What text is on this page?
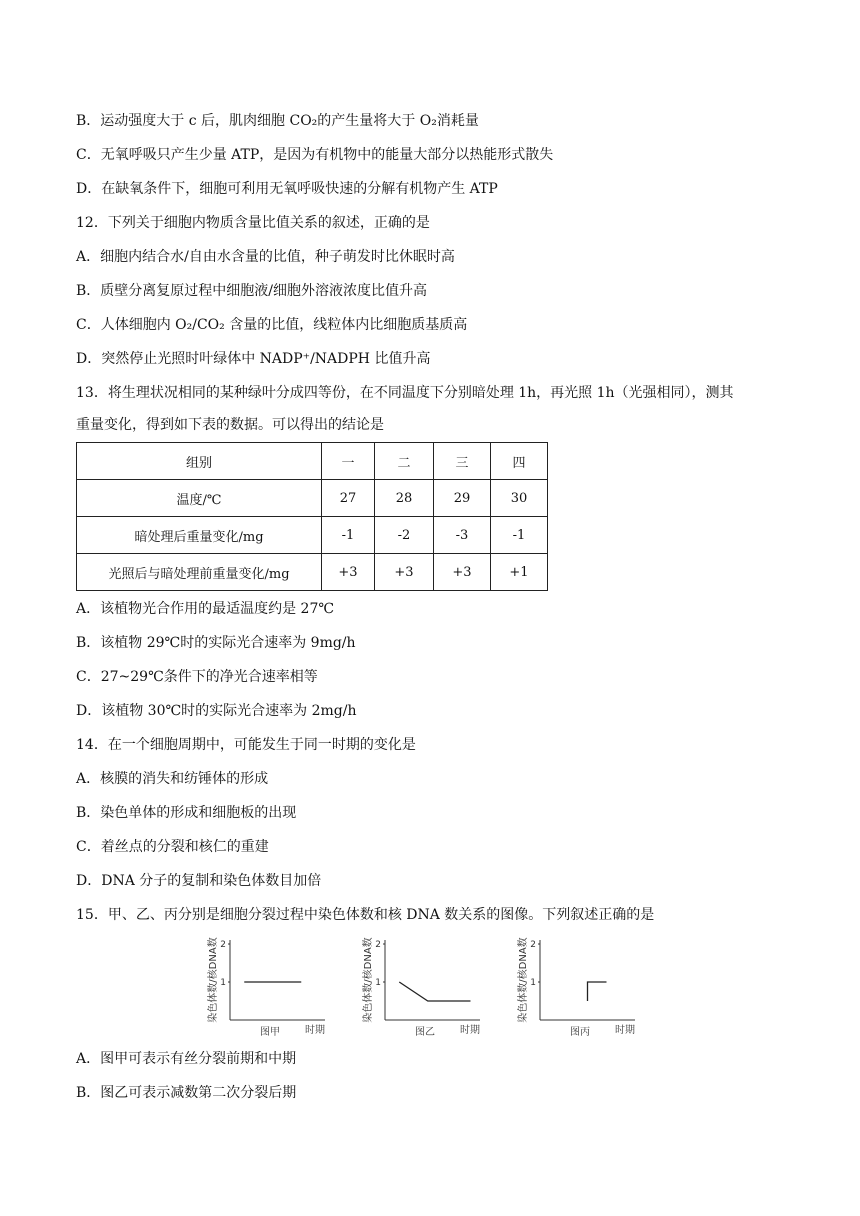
B．运动强度大于 c 后，肌肉细胞 CO₂的产生量将大于 O₂消耗量
C．无氧呼吸只产生少量 ATP，是因为有机物中的能量大部分以热能形式散失
D．在缺氧条件下，细胞可利用无氧呼吸快速的分解有机物产生 ATP
12．下列关于细胞内物质含量比值关系的叙述，正确的是
A．细胞内结合水/自由水含量的比值，种子萌发时比休眠时高
B．质壁分离复原过程中细胞液/细胞外溶液浓度比值升高
C．人体细胞内 O₂/CO₂ 含量的比值，线粒体内比细胞质基质高
D．突然停止光照时叶绿体中 NADP⁺/NADPH 比值升高
13．将生理状况相同的某种绿叶分成四等份，在不同温度下分别暗处理 1h，再光照 1h（光强相同），测其
重量变化，得到如下表的数据。可以得出的结论是
组别	一	二	三	四
温度/℃	27	28	29	30
暗处理后重量变化/mg	-1	-2	-3	-1
光照后与暗处理前重量变化/mg	+3	+3	+3	+1
A．该植物光合作用的最适温度约是 27℃
B．该植物 29℃时的实际光合速率为 9mg/h
C．27~29℃条件下的净光合速率相等
D．该植物 30℃时的实际光合速率为 2mg/h
14．在一个细胞周期中，可能发生于同一时期的变化是
A．核膜的消失和纺锤体的形成
B．染色单体的形成和细胞板的出现
C．着丝点的分裂和核仁的重建
D．DNA 分子的复制和染色体数目加倍
15．甲、乙、丙分别是细胞分裂过程中染色体数和核 DNA 数关系的图像。下列叙述正确的是
染色体数/核DNA数 2
1
图甲	时期
染色体数/核DNA数 2
1
图乙	时期
染色体数/核DNA数 2
1
图丙	时期
A．图甲可表示有丝分裂前期和中期
B．图乙可表示减数第二次分裂后期
